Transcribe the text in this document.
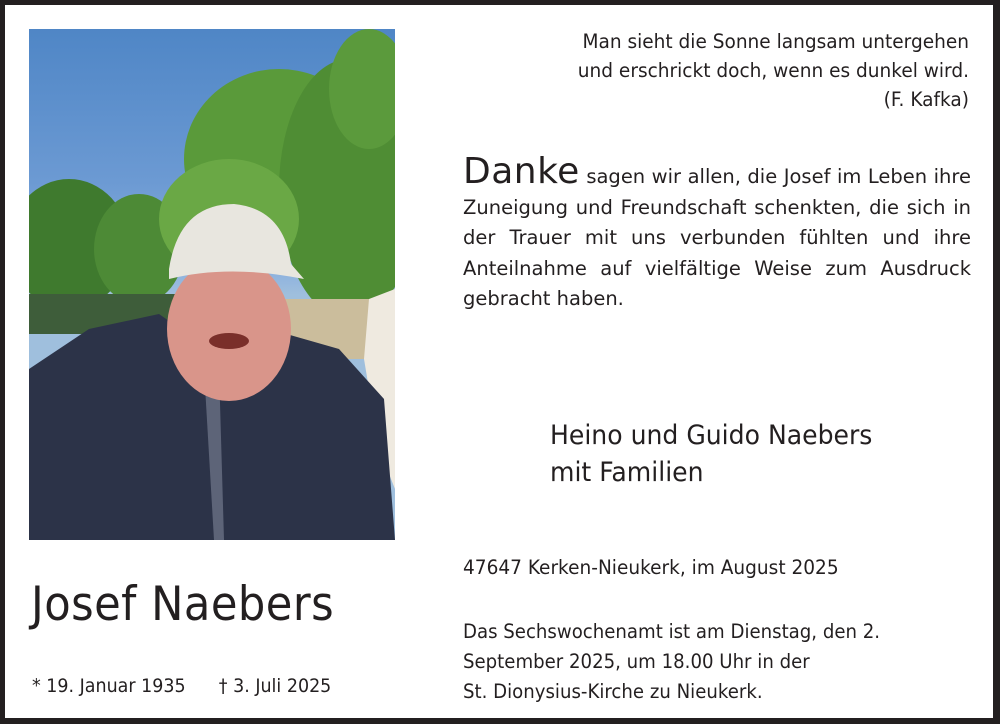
Josef Naebers
* 19. Januar 1935 † 3. Juli 2025
Man sieht die Sonne langsam untergehen
und erschrickt doch, wenn es dunkel wird.
(F. Kafka)
Danke sagen wir allen, die Josef im Leben ihre Zuneigung und Freundschaft schenkten, die sich in der Trauer mit uns verbunden fühlten und ihre Anteilnahme auf vielfältige Weise zum Ausdruck gebracht haben.
Heino und Guido Naebers
mit Familien
47647 Kerken-Nieukerk, im August 2025
Das Sechswochenamt ist am Dienstag, den 2.
September 2025, um 18.00 Uhr in der
St. Dionysius-Kirche zu Nieukerk.
